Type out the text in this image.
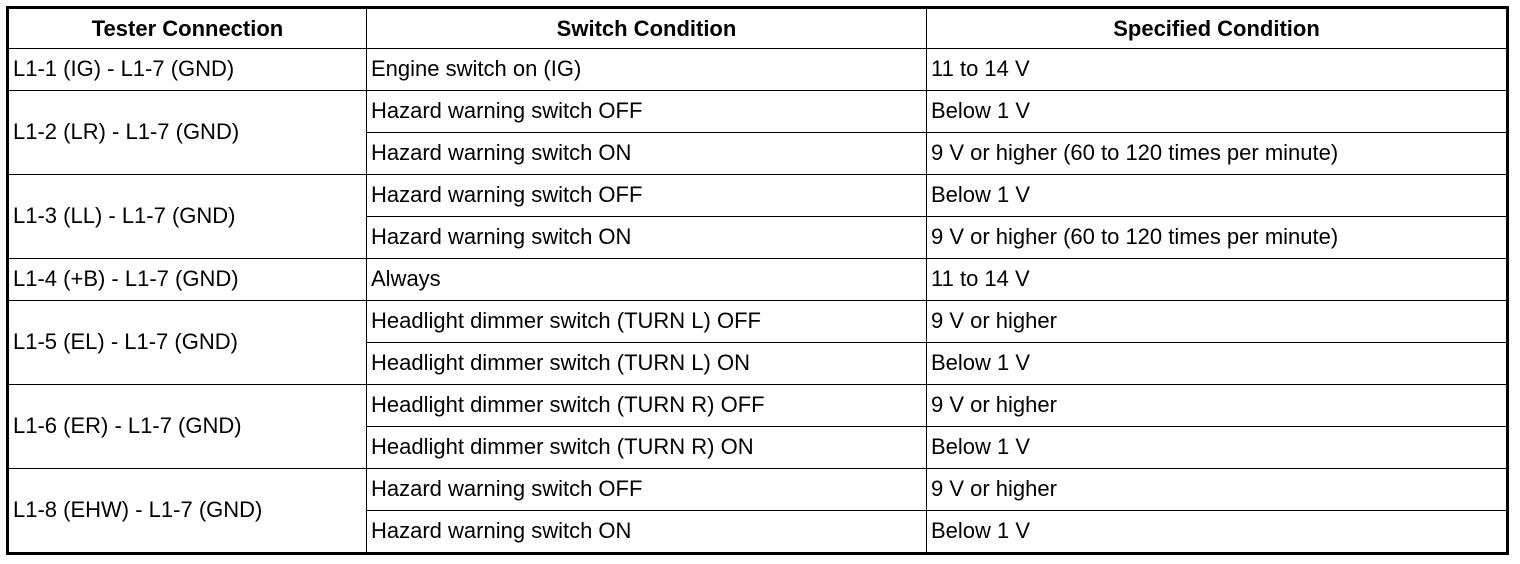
Tester Connection	Switch Condition	Specified Condition
L1-1 (IG) - L1-7 (GND)	Engine switch on (IG)	11 to 14 V
L1-2 (LR) - L1-7 (GND)	Hazard warning switch OFF	Below 1 V
	Hazard warning switch ON	9 V or higher (60 to 120 times per minute)
L1-3 (LL) - L1-7 (GND)	Hazard warning switch OFF	Below 1 V
	Hazard warning switch ON	9 V or higher (60 to 120 times per minute)
L1-4 (+B) - L1-7 (GND)	Always	11 to 14 V
L1-5 (EL) - L1-7 (GND)	Headlight dimmer switch (TURN L) OFF	9 V or higher
	Headlight dimmer switch (TURN L) ON	Below 1 V
L1-6 (ER) - L1-7 (GND)	Headlight dimmer switch (TURN R) OFF	9 V or higher
	Headlight dimmer switch (TURN R) ON	Below 1 V
L1-8 (EHW) - L1-7 (GND)	Hazard warning switch OFF	9 V or higher
	Hazard warning switch ON	Below 1 V
